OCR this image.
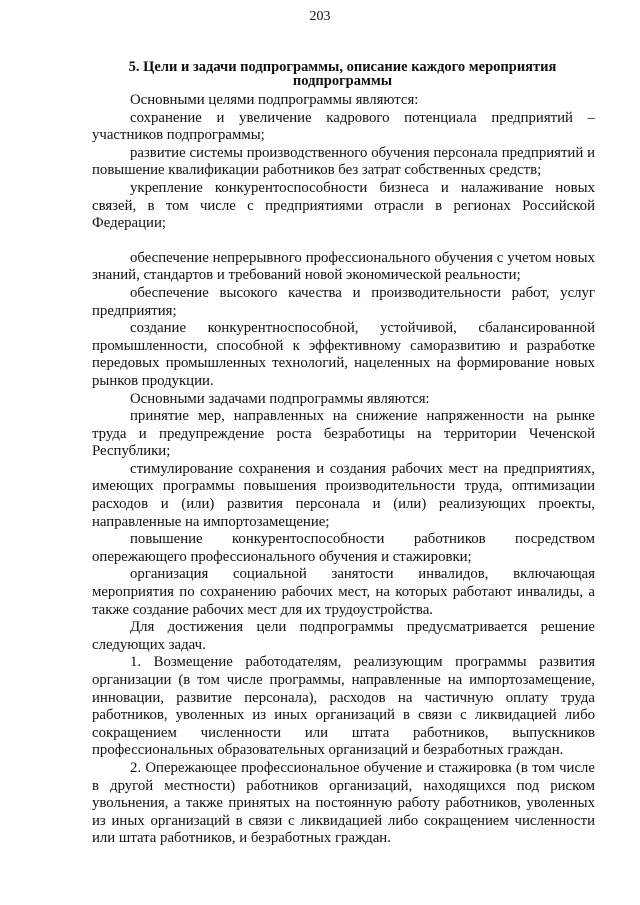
203
5. Цели и задачи подпрограммы, описание каждого мероприятия подпрограммы

Основными целями подпрограммы являются:

сохранение и увеличение кадрового потенциала предприятий – участников подпрограммы;

развитие системы производственного обучения персонала предприятий и повышение квалификации работников без затрат собственных средств;

укрепление конкурентоспособности бизнеса и налаживание новых связей, в том числе с предприятиями отрасли в регионах Российской Федерации;

обеспечение непрерывного профессионального обучения с учетом новых знаний, стандартов и требований новой экономической реальности;

обеспечение высокого качества и производительности работ, услуг предприятия;

создание конкурентноспособной, устойчивой, сбалансированной промышленности, способной к эффективному саморазвитию и разработке передовых промышленных технологий, нацеленных на формирование новых рынков продукции.

Основными задачами подпрограммы являются:

принятие мер, направленных на снижение напряженности на рынке труда и предупреждение роста безработицы на территории Чеченской Республики;

стимулирование сохранения и создания рабочих мест на предприятиях, имеющих программы повышения производительности труда, оптимизации расходов и (или) развития персонала и (или) реализующих проекты, направленные на импортозамещение;

повышение конкурентоспособности работников посредством опережающего профессионального обучения и стажировки;

организация социальной занятости инвалидов, включающая мероприятия по сохранению рабочих мест, на которых работают инвалиды, а также создание рабочих мест для их трудоустройства.

Для достижения цели подпрограммы предусматривается решение следующих задач.

1. Возмещение работодателям, реализующим программы развития организации (в том числе программы, направленные на импортозамещение, инновации, развитие персонала), расходов на частичную оплату труда работников, уволенных из иных организаций в связи с ликвидацией либо сокращением численности или штата работников, выпускников профессиональных образовательных организаций и безработных граждан.

2. Опережающее профессиональное обучение и стажировка (в том числе в другой местности) работников организаций, находящихся под риском увольнения, а также принятых на постоянную работу работников, уволенных из иных организаций в связи с ликвидацией либо сокращением численности или штата работников, и безработных граждан.
